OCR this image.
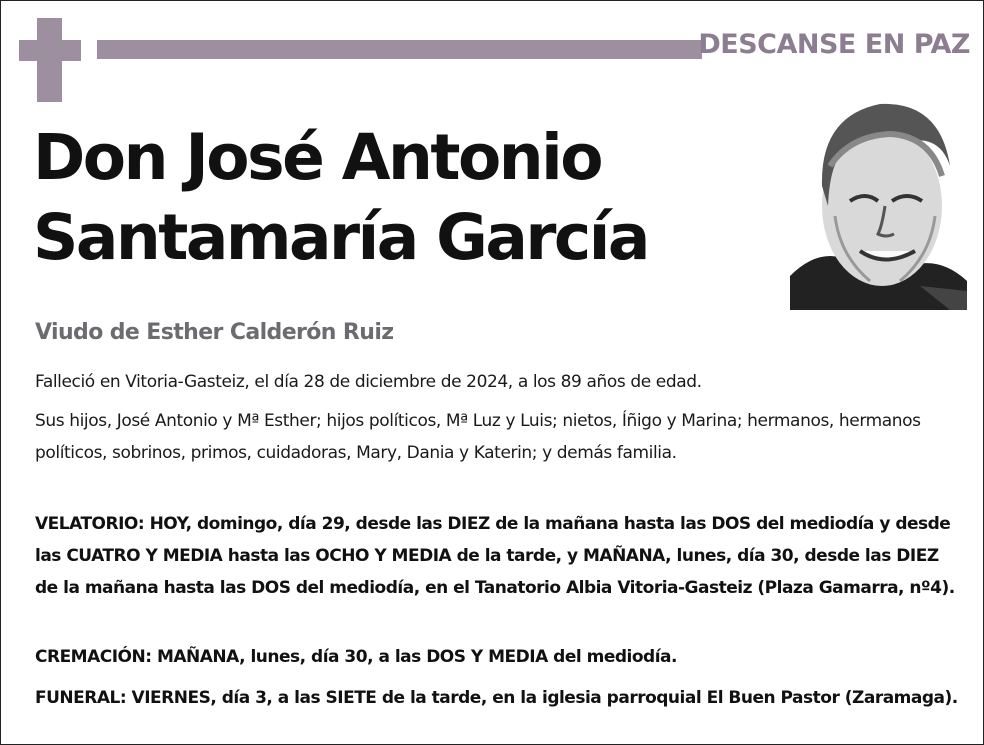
DESCANSE EN PAZ
Don José Antonio
Santamaría García
Viudo de Esther Calderón Ruiz
Falleció en Vitoria-Gasteiz, el día 28 de diciembre de 2024, a los 89 años de edad.
Sus hijos, José Antonio y Mª Esther; hijos políticos, Mª Luz y Luis; nietos, Íñigo y Marina; hermanos, hermanos políticos, sobrinos, primos, cuidadoras, Mary, Dania y Katerin; y demás familia.
VELATORIO: HOY, domingo, día 29, desde las DIEZ de la mañana hasta las DOS del mediodía y desde las CUATRO Y MEDIA hasta las OCHO Y MEDIA de la tarde, y MAÑANA, lunes, día 30, desde las DIEZ de la mañana hasta las DOS del mediodía, en el Tanatorio Albia Vitoria-Gasteiz (Plaza Gamarra, nº4).
CREMACIÓN: MAÑANA, lunes, día 30, a las DOS Y MEDIA del mediodía.
FUNERAL: VIERNES, día 3, a las SIETE de la tarde, en la iglesia parroquial El Buen Pastor (Zaramaga).
